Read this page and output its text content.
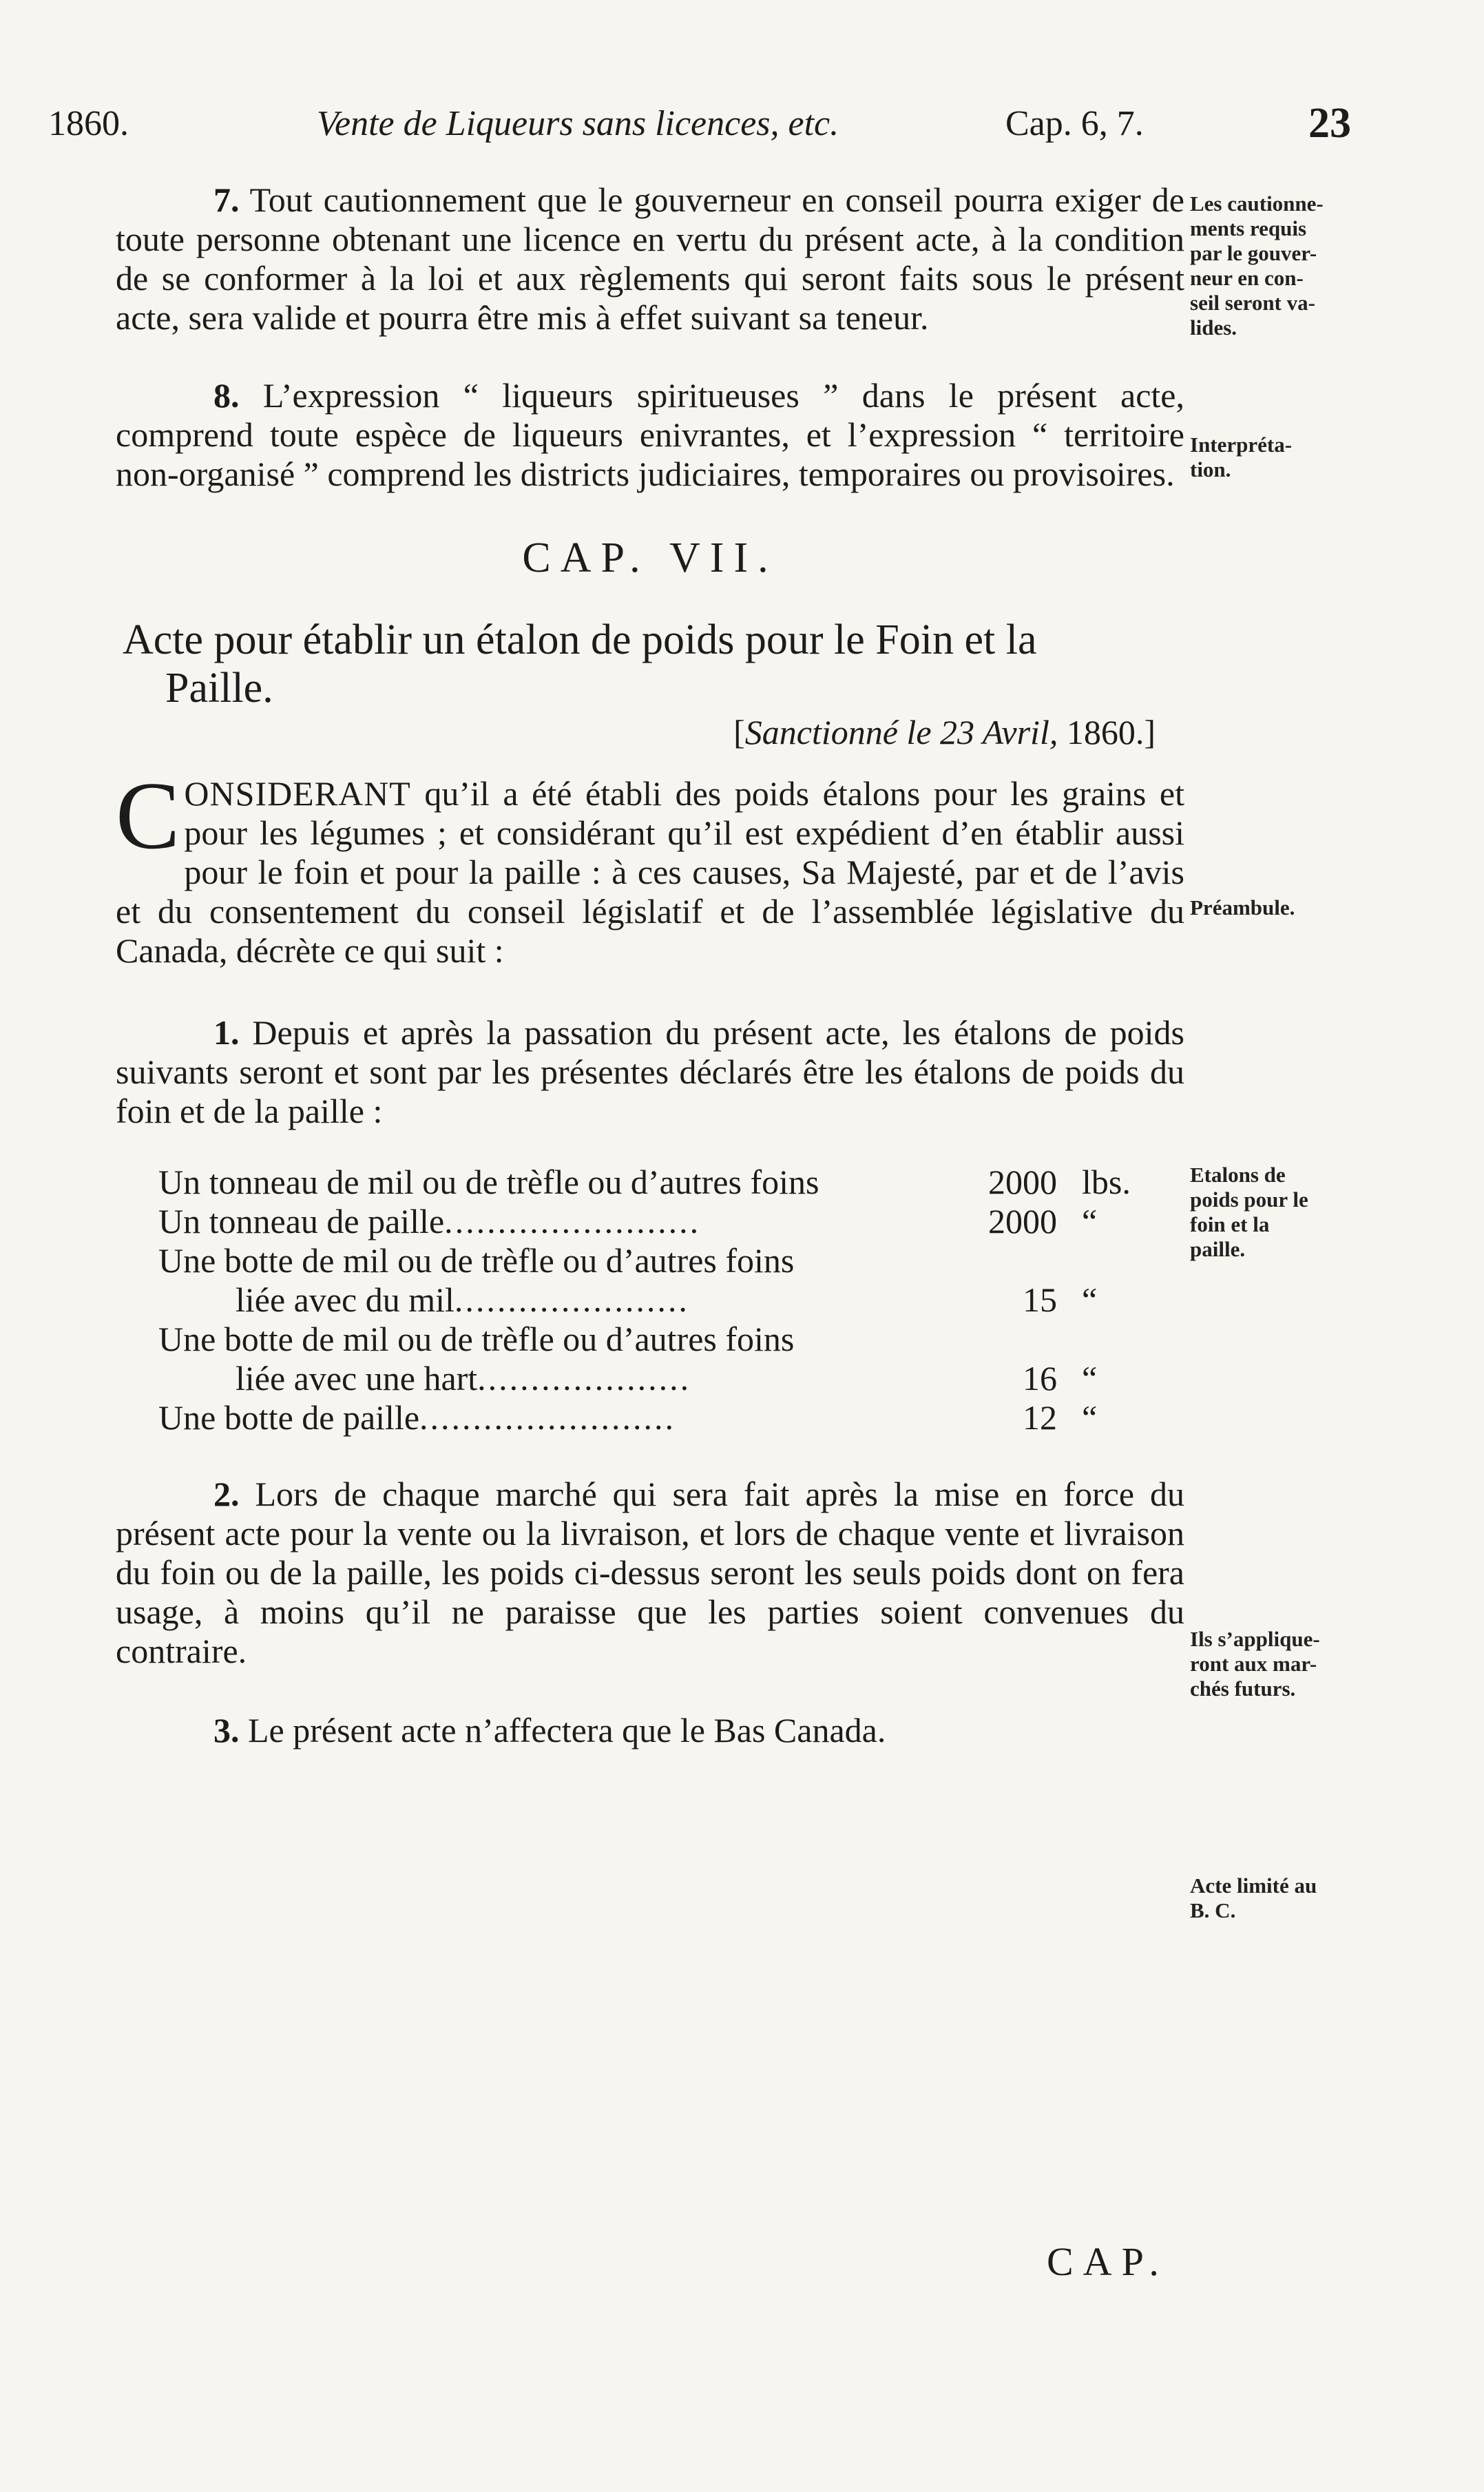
1860.	Vente de Liqueurs sans licences, etc.	Cap. 6, 7.	23
Les cautionne-
ments requis
par le gouver-
neur en con-
seil seront va-
lides.
Interpréta-
tion.
Préambule.
Etalons de
poids pour le
foin et la
paille.
Ils s’applique-
ront aux mar-
chés futurs.
Acte limité au
B. C.

7. Tout cautionnement que le gouverneur en conseil pourra exiger de toute personne obtenant une licence en vertu du présent acte, à la condition de se conformer à la loi et aux règlements qui seront faits sous le présent acte, sera valide et pourra être mis à effet suivant sa teneur.

8. L’expression “ liqueurs spiritueuses ” dans le présent acte, comprend toute espèce de liqueurs enivrantes, et l’expression “ territoire non-organisé ” comprend les districts judiciaires, temporaires ou provisoires.

CAP. VII.
Acte pour établir un étalon de poids pour le Foin et la
Paille.
[Sanctionné le 23 Avril, 1860.]

CONSIDERANT qu’il a été établi des poids étalons pour les grains et pour les légumes ; et considérant qu’il est expédient d’en établir aussi pour le foin et pour la paille : à ces causes, Sa Majesté, par et de l’avis et du consentement du conseil législatif et de l’assemblée législative du Canada, décrète ce qui suit :

1. Depuis et après la passation du présent acte, les étalons de poids suivants seront et sont par les présentes déclarés être les étalons de poids du foin et de la paille :

Un tonneau de mil ou de trèfle ou d’autres foins	2000	lbs.
Un tonneau de paille........................	2000	“
Une botte de mil ou de trèfle ou d’autres foins
liée avec du mil......................	15	“
Une botte de mil ou de trèfle ou d’autres foins
liée avec une hart....................	16	“
Une botte de paille........................	12	“

2. Lors de chaque marché qui sera fait après la mise en force du présent acte pour la vente ou la livraison, et lors de chaque vente et livraison du foin ou de la paille, les poids ci-dessus seront les seuls poids dont on fera usage, à moins qu’il ne paraisse que les parties soient convenues du contraire.

3. Le présent acte n’affectera que le Bas Canada.

CAP.
